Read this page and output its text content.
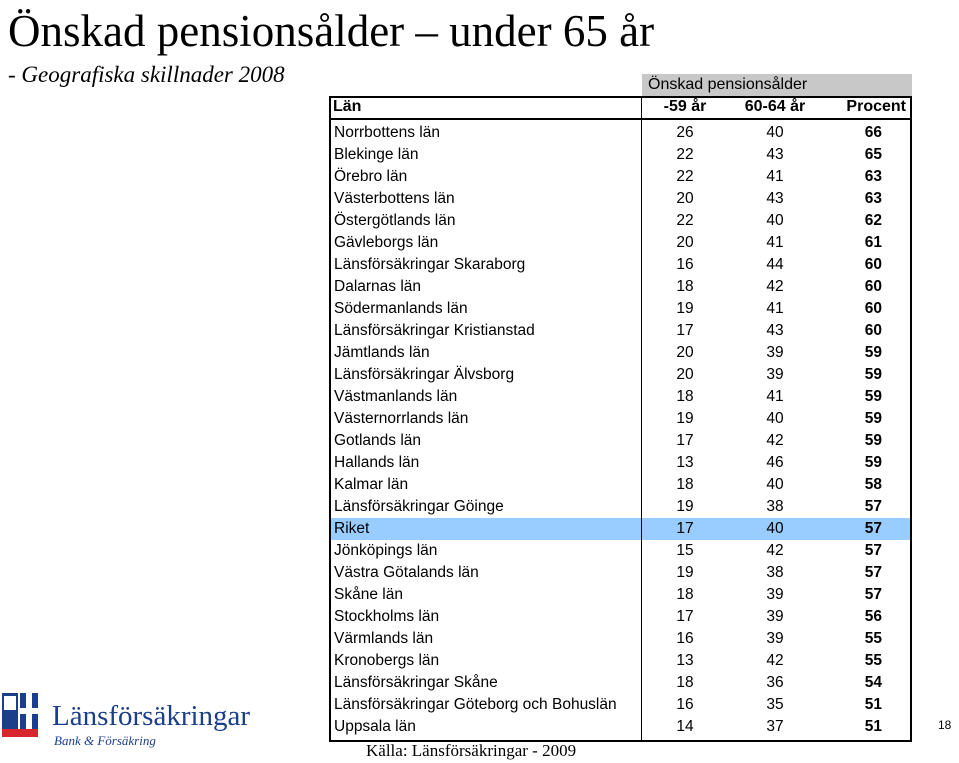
Önskad pensionsålder – under 65 år
- Geografiska skillnader 2008	Önskad pensionsålder
Län	-59 år	60-64 år	Procent
Norrbottens län	26	40	66
Blekinge län	22	43	65
Örebro län	22	41	63
Västerbottens län	20	43	63
Östergötlands län	22	40	62
Gävleborgs län	20	41	61
Länsförsäkringar Skaraborg	16	44	60
Dalarnas län	18	42	60
Södermanlands län	19	41	60
Länsförsäkringar Kristianstad	17	43	60
Jämtlands län	20	39	59
Länsförsäkringar Älvsborg	20	39	59
Västmanlands län	18	41	59
Västernorrlands län	19	40	59
Gotlands län	17	42	59
Hallands län	13	46	59
Kalmar län	18	40	58
Länsförsäkringar Göinge	19	38	57
Riket	17	40	57
Jönköpings län	15	42	57
Västra Götalands län	19	38	57
Skåne län	18	39	57
Stockholms län	17	39	56
Värmlands län	16	39	55
Kronobergs län	13	42	55
Länsförsäkringar Skåne	18	36	54
Länsförsäkringar Göteborg och Bohuslän	16	35	51
Uppsala län	14	37	51
Källa: Länsförsäkringar - 2009
18
Länsförsäkringar
Bank & Försäkring
